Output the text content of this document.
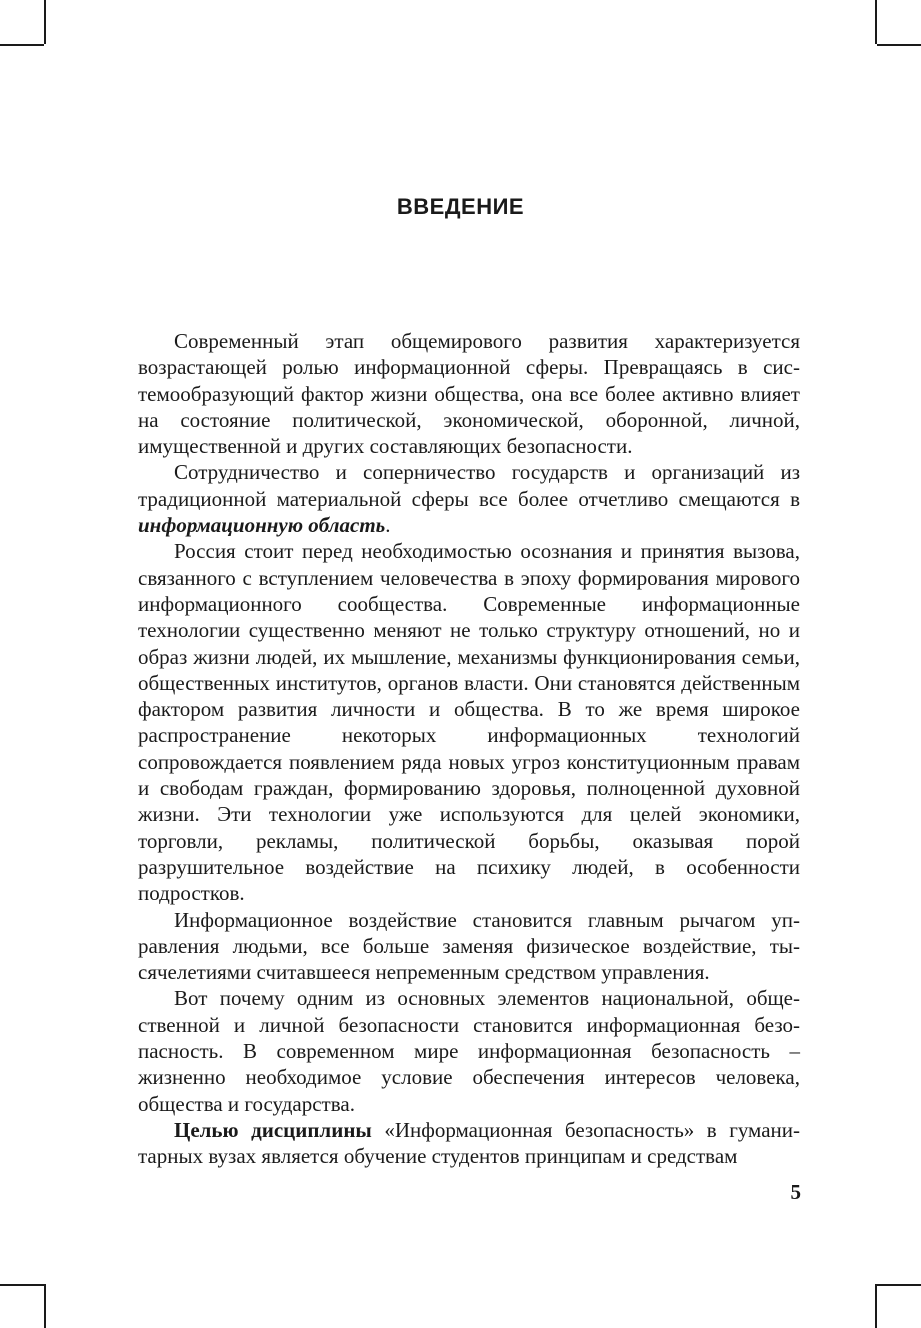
ВВЕДЕНИЕ

Современный этап общемирового развития характеризуется возрастающей ролью информационной сферы. Превращаясь в системообразующий фактор жизни общества, она все более активно влияет на состояние политической, экономической, оборонной, личной, имущественной и других составляющих безопасности.

Сотрудничество и соперничество государств и организаций из традиционной материальной сферы все более отчетливо смещаются в информационную область.

Россия стоит перед необходимостью осознания и принятия вызова, связанного с вступлением человечества в эпоху формирования мирового информационного сообщества. Современные информационные технологии существенно меняют не только структуру отношений, но и образ жизни людей, их мышление, механизмы функционирования семьи, общественных институтов, органов власти. Они становятся действенным фактором развития личности и общества. В то же время широкое распространение некоторых информационных технологий сопровождается появлением ряда новых угроз конституционным правам и свободам граждан, формированию здоровья, полноценной духовной жизни. Эти технологии уже используются для целей экономики, торговли, рекламы, политической борьбы, оказывая порой разрушительное воздействие на психику людей, в особенности подростков.

Информационное воздействие становится главным рычагом управления людьми, все больше заменяя физическое воздействие, тысячелетиями считавшееся непременным средством управления.

Вот почему одним из основных элементов национальной, общественной и личной безопасности становится информационная безопасность. В современном мире информационная безопасность – жизненно необходимое условие обеспечения интересов человека, общества и государства.

Целью дисциплины «Информационная безопасность» в гуманитарных вузах является обучение студентов принципам и средствам

5
